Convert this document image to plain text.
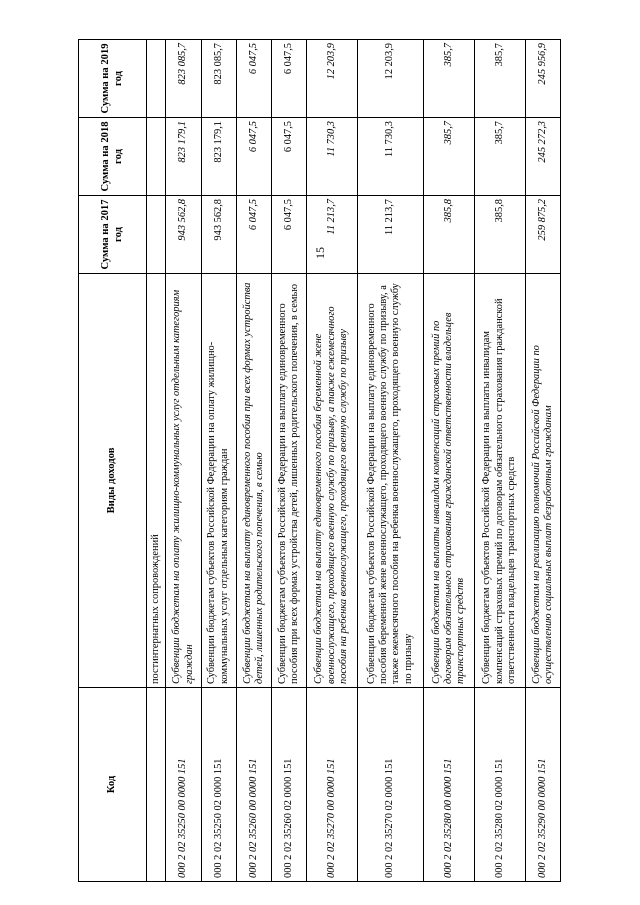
15
Код	Виды доходов	Сумма на 2017 год	Сумма на 2018 год	Сумма на 2019 год
	постинтернатных сопровождений			
000 2 02 35250 00 0000 151	Субвенции бюджетам на оплату жилищно-коммунальных услуг отдельным категориям граждан	943 562,8	823 179,1	823 085,7
000 2 02 35250 02 0000 151	Субвенции бюджетам субъектов Российской Федерации на оплату жилищно-коммунальных услуг отдельным категориям граждан	943 562,8	823 179,1	823 085,7
000 2 02 35260 00 0000 151	Субвенции бюджетам на выплату единовременного пособия при всех формах устройства детей, лишенных родительского попечения, в семью	6 047,5	6 047,5	6 047,5
000 2 02 35260 02 0000 151	Субвенции бюджетам субъектов Российской Федерации на выплату единовременного пособия при всех формах устройства детей, лишенных родительского попечения, в семью	6 047,5	6 047,5	6 047,5
000 2 02 35270 00 0000 151	Субвенции бюджетам на выплату единовременного пособия беременной жене военнослужащего, проходящего военную службу по призыву, а также ежемесячного пособия на ребенка военнослужащего, проходящего военную службу по призыву	11 213,7	11 730,3	12 203,9
000 2 02 35270 02 0000 151	Субвенции бюджетам субъектов Российской Федерации на выплату единовременного пособия беременной жене военнослужащего, проходящего военную службу по призыву, а также ежемесячного пособия на ребенка военнослужащего, проходящего военную службу по призыву	11 213,7	11 730,3	12 203,9
000 2 02 35280 00 0000 151	Субвенции бюджетам на выплаты инвалидам компенсаций страховых премий по договорам обязательного страхования гражданской ответственности владельцев транспортных средств	385,8	385,7	385,7
000 2 02 35280 02 0000 151	Субвенции бюджетам субъектов Российской Федерации на выплаты инвалидам компенсаций страховых премий по договорам обязательного страхования гражданской ответственности владельцев транспортных средств	385,8	385,7	385,7
000 2 02 35290 00 0000 151	Субвенции бюджетам на реализацию полномочий Российской Федерации по осуществлению социальных выплат безработным гражданам	259 875,2	245 272,3	245 956,9
